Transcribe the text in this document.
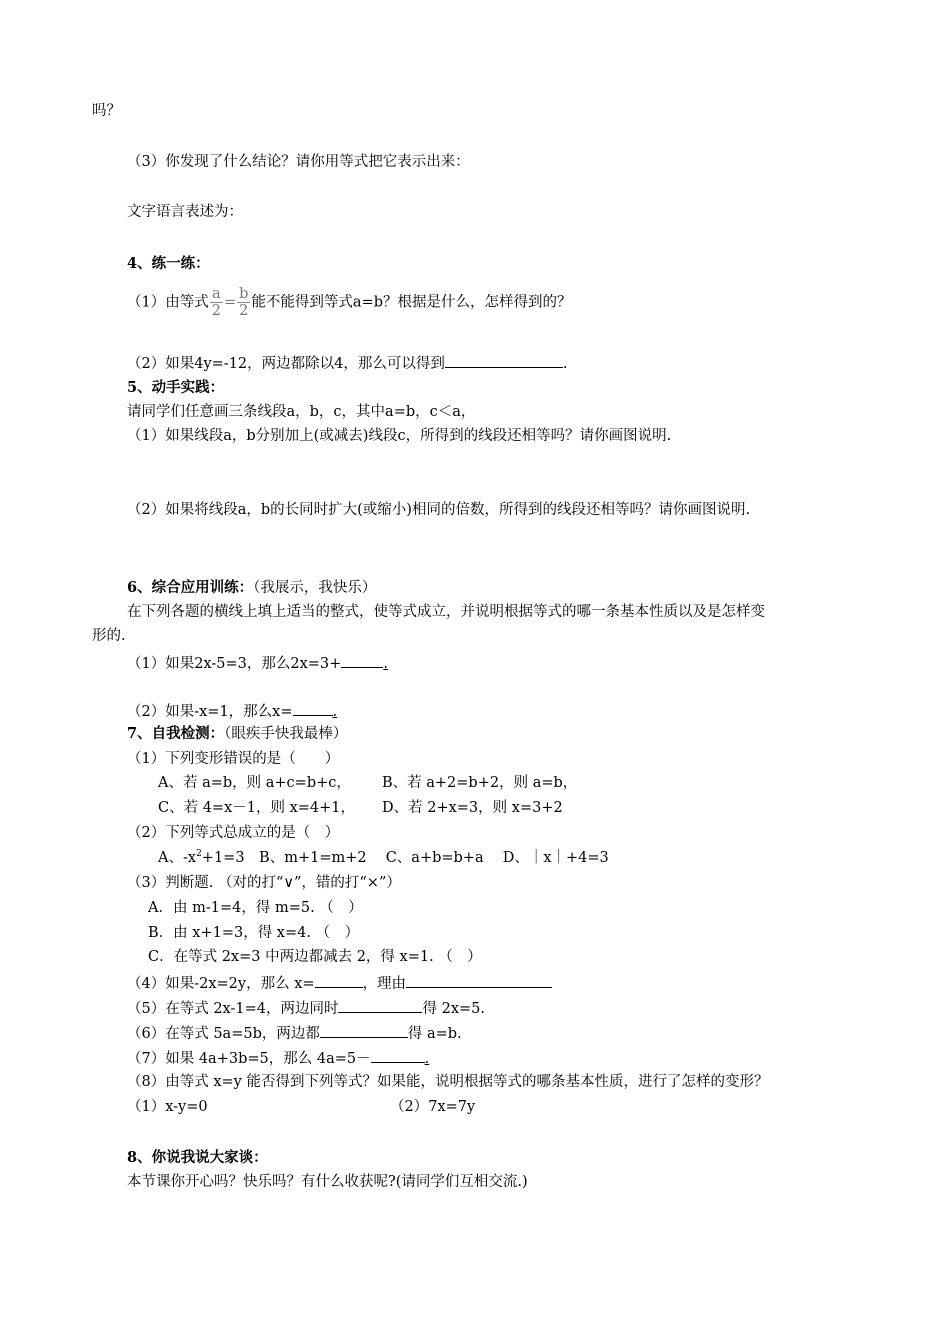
吗？
（3）你发现了什么结论？请你用等式把它表示出来：
文字语言表述为：
4、练一练：
（1）由等式 $\frac{a}{2} = \frac{b}{2}$ 能不能得到等式a=b？根据是什么，怎样得到的？
（2）如果4y=-12，两边都除以4，那么可以得到	.
5、动手实践：
请同学们任意画三条线段a，b，c，其中a=b，c＜a，
（1）如果线段a，b分别加上(或减去)线段c，所得到的线段还相等吗？请你画图说明.
（2）如果将线段a，b的长同时扩大(或缩小)相同的倍数，所得到的线段还相等吗？请你画图说明.
6、综合应用训练：（我展示，我快乐）
在下列各题的横线上填上适当的整式，使等式成立，并说明根据等式的哪一条基本性质以及是怎样变
形的.
（1）如果2x-5=3，那么2x=3+	.
（2）如果-x=1，那么x=	.
7、自我检测：（眼疾手快我最棒）
（1）下列变形错误的是（　　）
A、若 a=b，则 a+c=b+c， B、若 a+2=b+2，则 a=b，
C、若 4=x－1，则 x=4+1， D、若 2+x=3，则 x=3+2
（2）下列等式总成立的是（　）
A、$-x^2+1=3$　B、m+1=m+2　 C、a+b=b+a　 D、｜x｜+4=3
（3）判断题. （对的打“∨”，错的打“×”）
A．由 m-1=4，得 m=5. （　）
B．由 x+1=3，得 x=4. （　）
C．在等式 2x=3 中两边都减去 2，得 x=1. （　）
（4）如果-2x=2y，那么 x=	，理由
（5）在等式 2x-1=4，两边同时	得 2x=5.
（6）在等式 5a=5b，两边都	得 a=b.
（7）如果 4a+3b=5，那么 4a=5－	.
（8）由等式 x=y 能否得到下列等式？如果能，说明根据等式的哪条基本性质，进行了怎样的变形？
（1）x-y=0	（2）7x=7y
8、你说我说大家谈：
本节课你开心吗？快乐吗？有什么收获呢?(请同学们互相交流.)
